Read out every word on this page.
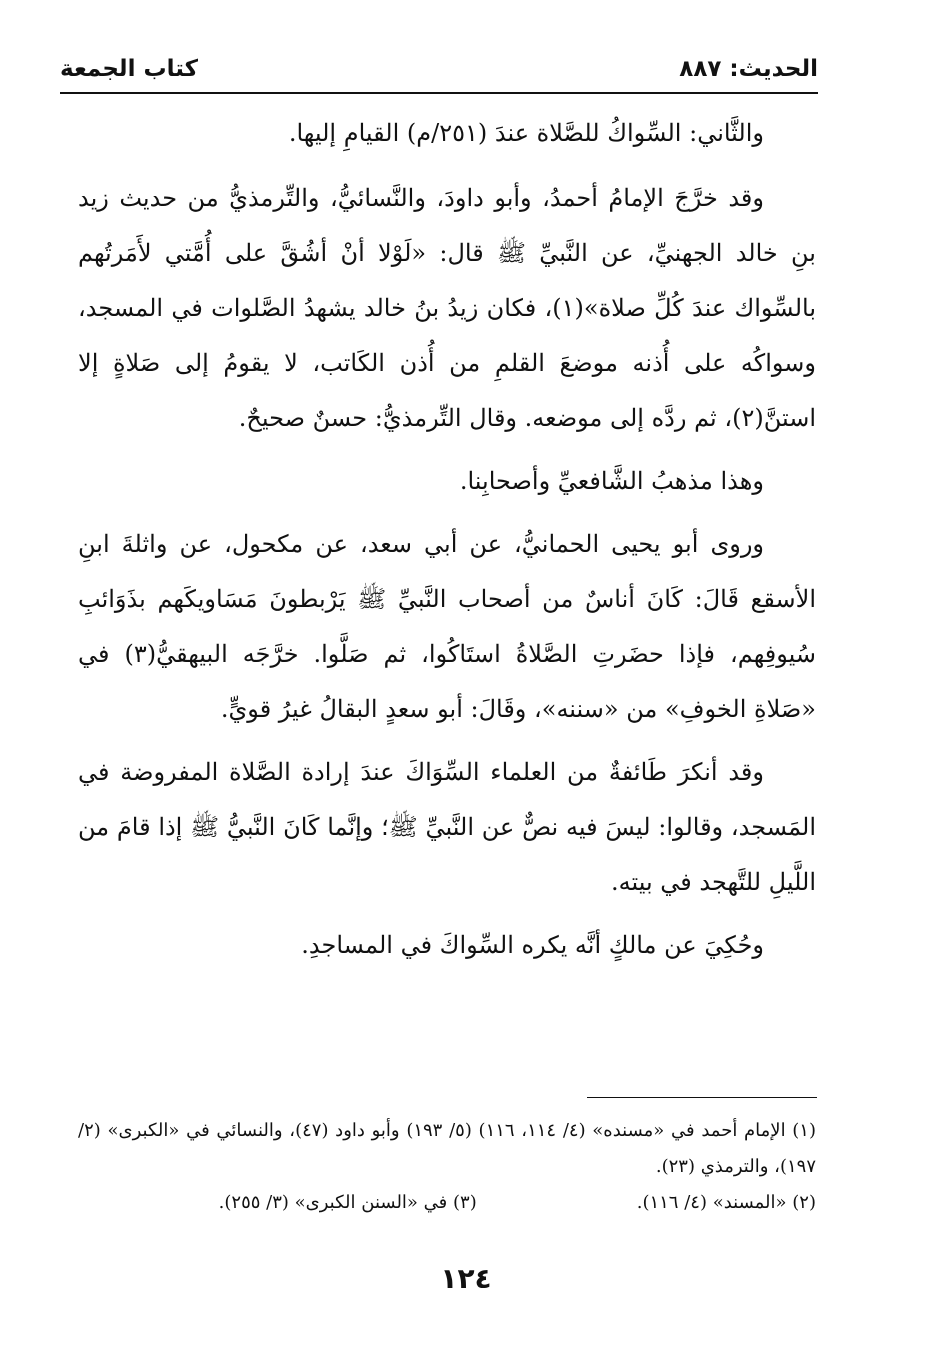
الحديث: ٨٨٧
كتاب الجمعة

والثَّاني: السِّواكُ للصَّلاة عندَ (٢٥١/م) القيامِ إليها.

وقد خرَّجَ الإمامُ أحمدُ، وأبو داودَ، والنَّسائيُّ، والتِّرمذيُّ من حديث زيد بنِ خالد الجهنيِّ، عن النَّبيِّ ﷺ قال: «لَوْلا أنْ أشُقَّ على أُمَّتي لأَمَرتُهم بالسِّواك عندَ كُلِّ صلاة»(١)، فكان زيدُ بنُ خالد يشهدُ الصَّلوات في المسجد، وسواكُه على أُذنه موضعَ القلمِ من أُذن الكَاتب، لا يقومُ إلى صَلاةٍ إلا استنَّ(٢)، ثم ردَّه إلى موضعه. وقال التِّرمذيُّ: حسنٌ صحيحٌ.

وهذا مذهبُ الشَّافعيِّ وأصحابِنا.

وروى أبو يحيى الحمانيُّ، عن أبي سعد، عن مكحول، عن واثلةَ ابنِ الأسقع قَالَ: كَانَ أناسٌ من أصحاب النَّبيِّ ﷺ يَرْبطونَ مَسَاويكَهم بذَوَائبِ سُيوفِهم، فإذا حضَرتِ الصَّلاةُ استَاكُوا، ثم صَلَّوا. خرَّجَه البيهقيُّ(٣) في «صَلاةِ الخوفِ» من «سننه»، وقَالَ: أبو سعدٍ البقالُ غيرُ قويٍّ.

وقد أنكرَ طَائفةٌ من العلماء السِّوَاكَ عندَ إرادة الصَّلاة المفروضة في المَسجد، وقالوا: ليسَ فيه نصٌّ عن النَّبيِّ ﷺ؛ وإنَّما كَانَ النَّبيُّ ﷺ إذا قامَ من اللَّيلِ للتَّهجد في بيته.

وحُكِيَ عن مالكٍ أنَّه يكره السِّواكَ في المساجدِ.

(١) الإمام أحمد في «مسنده» (٤/ ١١٤، ١١٦) (٥/ ١٩٣) وأبو داود (٤٧)، والنسائي في «الكبرى» (٢/ ١٩٧)، والترمذي (٢٣).

(٢) «المسند» (٤/ ١١٦).
(٣) في «السنن الكبرى» (٣/ ٢٥٥).
١٢٤
